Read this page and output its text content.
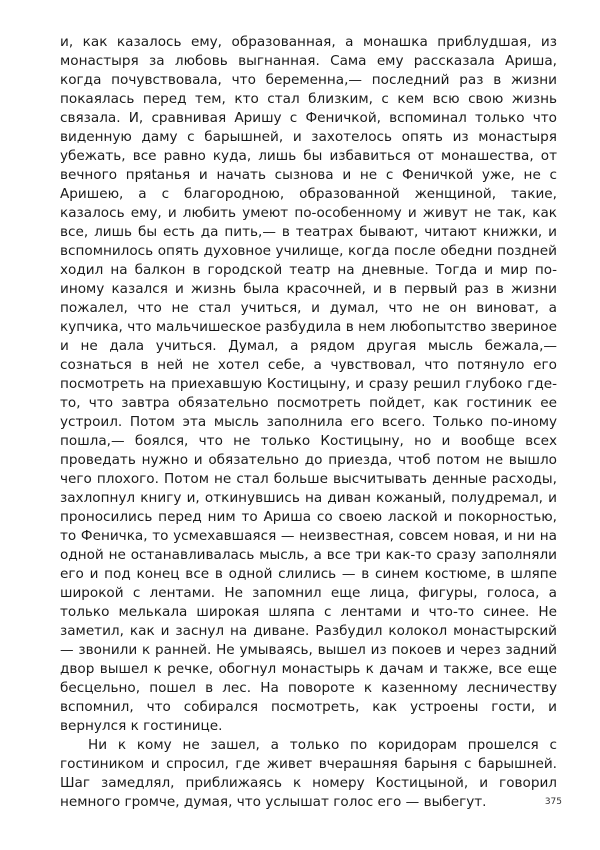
и, как казалось ему, образованная, а монашка приблудшая, из монастыря за любовь выгнанная. Сама ему рассказала Ариша, когда почувствовала, что беременна,— последний раз в жизни покаялась перед тем, кто стал близким, с кем всю свою жизнь связала. И, сравнивая Аришу с Феничкой, вспоминал только что виденную даму с барышней, и захотелось опять из монастыря убежать, все равно куда, лишь бы избавиться от монашества, от вечного пряtанья и начать сызнова и не с Феничкой уже, не с Аришею, а с благородною, образованной женщиной, такие, казалось ему, и любить умеют по-особенному и живут не так, как все, лишь бы есть да пить,— в театрах бывают, читают книжки, и вспомнилось опять духовное училище, когда после обедни поздней ходил на балкон в городской театр на дневные. Тогда и мир по-иному казался и жизнь была красочней, и в первый раз в жизни пожалел, что не стал учиться, и думал, что не он виноват, а купчика, что мальчишеское разбудила в нем любопытство звериное и не дала учиться. Думал, а рядом другая мысль бежала,— сознаться в ней не хотел себе, а чувствовал, что потянуло его посмотреть на приехавшую Костицыну, и сразу решил глубоко где-то, что завтра обязательно посмотреть пойдет, как гостиник ее устроил. Потом эта мысль заполнила его всего. Только по-иному пошла,— боялся, что не только Костицыну, но и вообще всех проведать нужно и обязательно до приезда, чтоб потом не вышло чего плохого. Потом не стал больше высчитывать денные расходы, захлопнул книгу и, откинувшись на диван кожаный, полудремал, и проносились перед ним то Ариша со своею лаской и покорностью, то Феничка, то усмехавшаяся — неизвестная, совсем новая, и ни на одной не останавливалась мысль, а все три как-то сразу заполняли его и под конец все в одной слились — в синем костюме, в шляпе широкой с лентами. Не запомнил еще лица, фигуры, голоса, а только мелькала широкая шляпа с лентами и что-то синее. Не заметил, как и заснул на диване. Разбудил колокол монастырский — звонили к ранней. Не умываясь, вышел из покоев и через задний двор вышел к речке, обогнул монастырь к дачам и также, все еще бесцельно, пошел в лес. На повороте к казенному лесничеству вспомнил, что собирался посмотреть, как устроены гости, и вернулся к гостинице.

Ни к кому не зашел, а только по коридорам прошелся с гостиником и спросил, где живет вчерашняя барыня с барышней. Шаг замедлял, приближаясь к номеру Костицыной, и говорил немного громче, думая, что услышат голос его — выбегут.	375
